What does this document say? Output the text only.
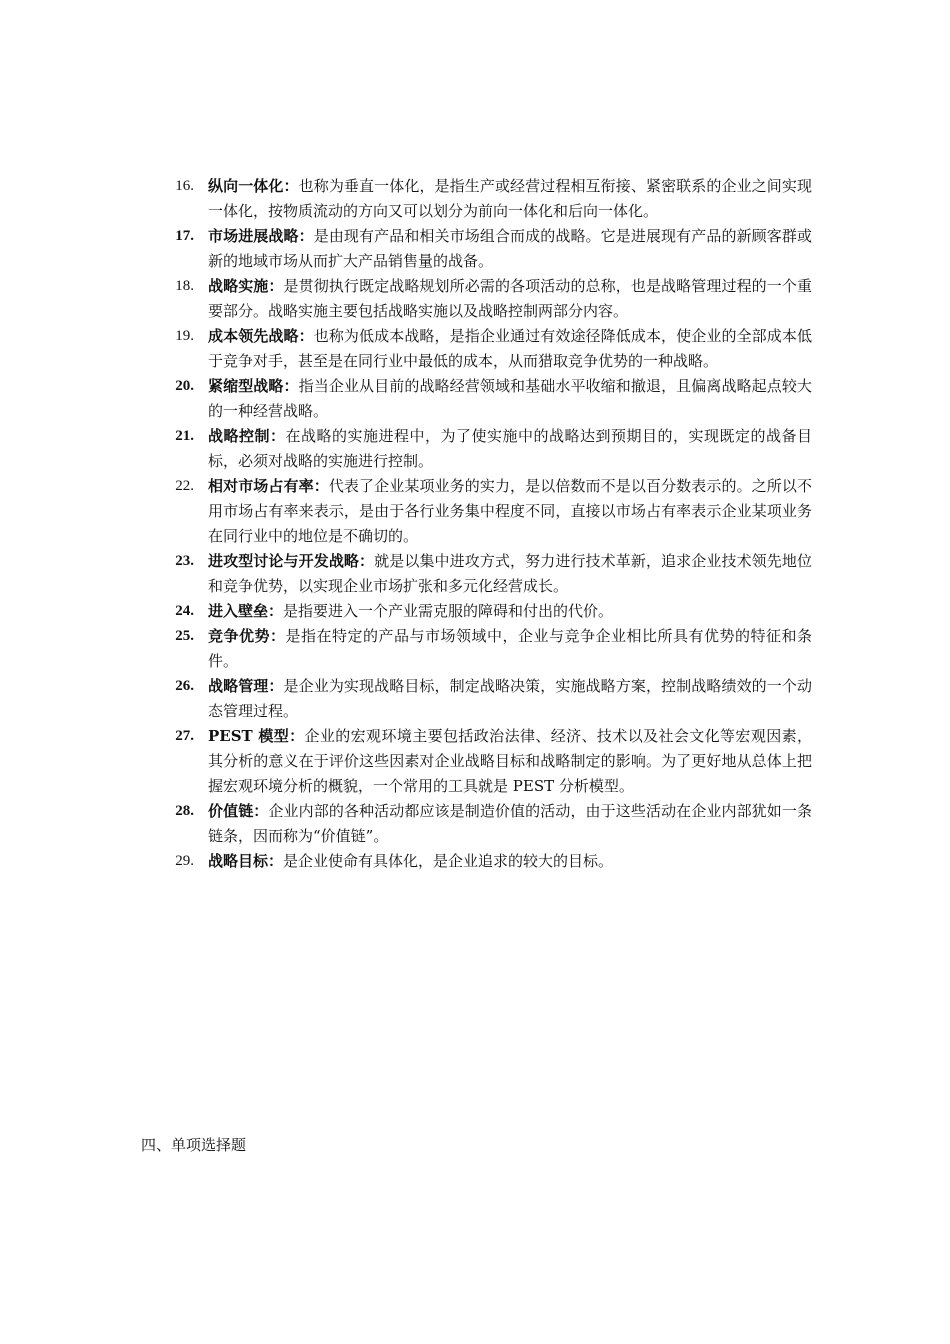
16. 纵向一体化：也称为垂直一体化，是指生产或经营过程相互衔接、紧密联系的企业之间实现一体化，按物质流动的方向又可以划分为前向一体化和后向一体化。
17. 市场进展战略：是由现有产品和相关市场组合而成的战略。它是进展现有产品的新顾客群或新的地域市场从而扩大产品销售量的战备。
18. 战略实施：是贯彻执行既定战略规划所必需的各项活动的总称，也是战略管理过程的一个重要部分。战略实施主要包括战略实施以及战略控制两部分内容。
19. 成本领先战略：也称为低成本战略，是指企业通过有效途径降低成本，使企业的全部成本低于竞争对手，甚至是在同行业中最低的成本，从而猎取竞争优势的一种战略。
20. 紧缩型战略：指当企业从目前的战略经营领域和基础水平收缩和撤退，且偏离战略起点较大的一种经营战略。
21. 战略控制：在战略的实施进程中，为了使实施中的战略达到预期目的，实现既定的战备目标，必须对战略的实施进行控制。
22. 相对市场占有率：代表了企业某项业务的实力，是以倍数而不是以百分数表示的。之所以不用市场占有率来表示，是由于各行业务集中程度不同，直接以市场占有率表示企业某项业务在同行业中的地位是不确切的。
23. 进攻型讨论与开发战略：就是以集中进攻方式，努力进行技术革新，追求企业技术领先地位和竞争优势，以实现企业市场扩张和多元化经营成长。
24. 进入壁垒：是指要进入一个产业需克服的障碍和付出的代价。
25. 竞争优势：是指在特定的产品与市场领域中，企业与竞争企业相比所具有优势的特征和条件。
26. 战略管理：是企业为实现战略目标，制定战略决策，实施战略方案，控制战略绩效的一个动态管理过程。
27. PEST 模型：企业的宏观环境主要包括政治法律、经济、技术以及社会文化等宏观因素，其分析的意义在于评价这些因素对企业战略目标和战略制定的影响。为了更好地从总体上把握宏观环境分析的概貌，一个常用的工具就是 PEST 分析模型。
28. 价值链：企业内部的各种活动都应该是制造价值的活动，由于这些活动在企业内部犹如一条链条，因而称为“价值链”。
29. 战略目标：是企业使命有具体化，是企业追求的较大的目标。

四、单项选择题
